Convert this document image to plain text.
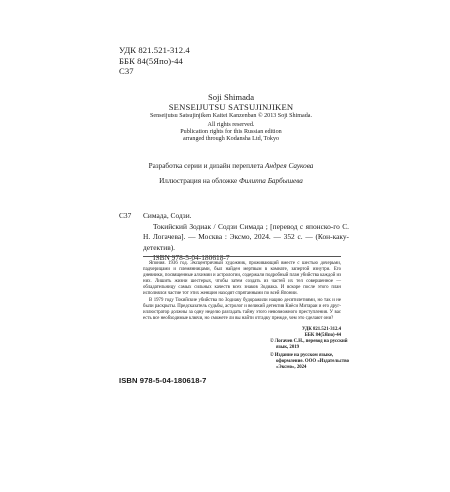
УДК 821.521-312.4
ББК 84(5Япо)-44
С37
Soji Shimada
SENSEIJUTSU SATSUJINJIKEN
Senseijutsu Satsujinjiken Kaitei Kanzenban © 2013 Soji Shimada.
All rights reserved.
Publication rights for this Russian edition
arranged through Kodansha Ltd, Tokyo
Разработка серии и дизайн переплета Андрея Саукова
Иллюстрация на обложке Филиппа Барбышева
С37 Симада, Содзи.

Токийский Зодиак / Содзи Симада ; [перевод с японско-го С. Н. Логачева]. — Москва : Эксмо, 2024. — 352 с. — (Кон-каку-детектив).

ISBN 978-5-04-180618-7

Япония. 1936 год. Эксцентричный художник, проживающий вместе с шестью дочерьми, падчерицами и племянницами, был найден мертвым в комнате, запертой изнутри. Его дневники, посвященные алхимии и астрологии, содержали подробный план убийства каждой из них. Лишить жизни шестерых, чтобы затем создать из частей их тел совершенное — обладательницу самых сильных качеств всех знаков Зодиака. И вскоре после этого план исполнялся частие тот этих женщин находят спрятанными по всей Японии.

В 1979 году Токийские убийства по Зодиаку будоражили нацию десятилетиями, но так и не были раскрыты. Предсказатель судьбы, астролог и великий детектив Киёси Митараи и его друг-иллюстратор должны за одну неделю разгадать тайну этого невозможного преступления. У вас есть все необходимые ключи, но сможете ли вы найти отгадку прежде, чем это сделают они?

УДК 821.521-312.4
ББК 84(5Япо)-44
ISBN 978-5-04-180618-7

© Логачев С.Н., перевод на русский язык, 2019

© Издание на русском языке, оформление. ООО «Издательство «Эксмо», 2024
